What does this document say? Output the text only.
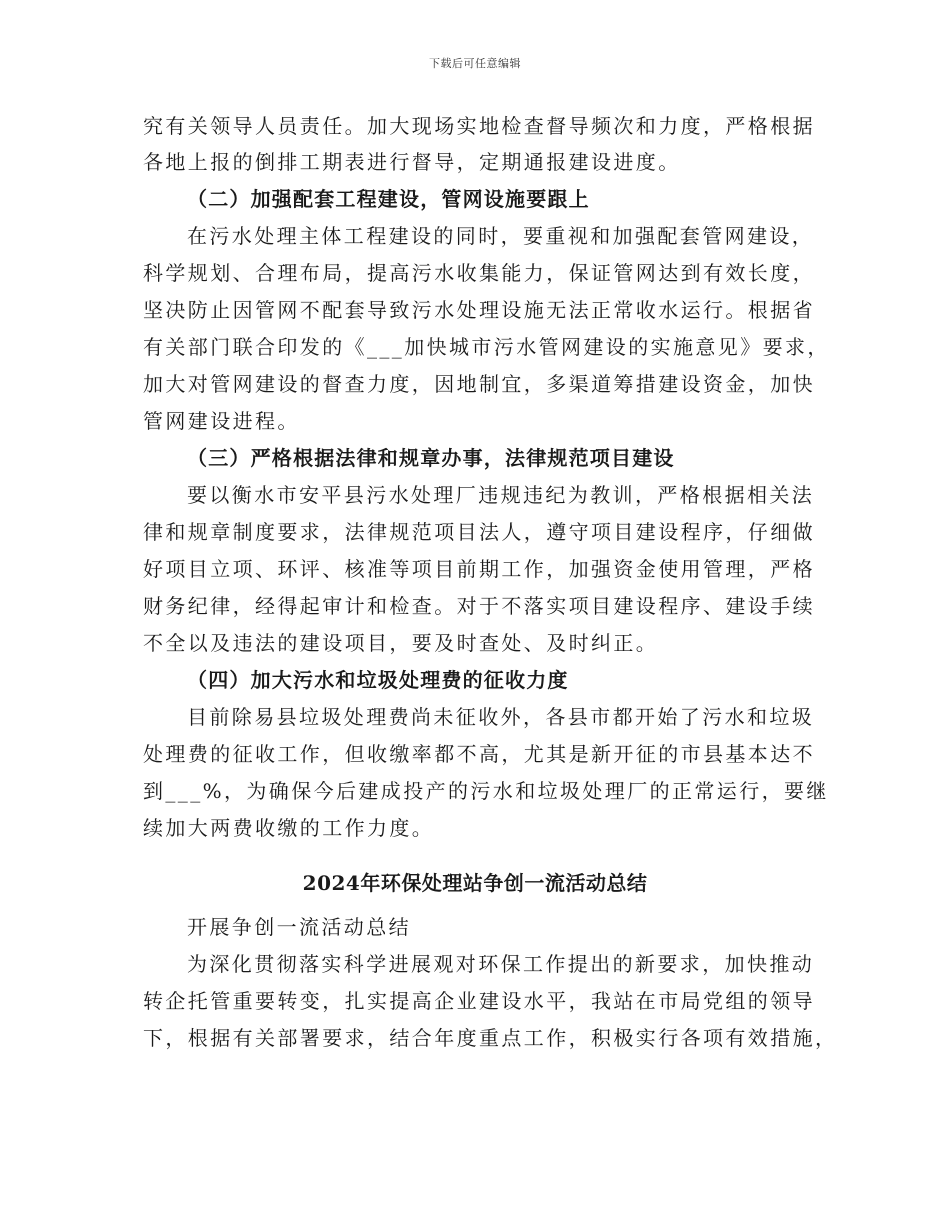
下载后可任意编辑
究有关领导人员责任。加大现场实地检查督导频次和力度，严格根据
各地上报的倒排工期表进行督导，定期通报建设进度。
（二）加强配套工程建设，管网设施要跟上
在污水处理主体工程建设的同时，要重视和加强配套管网建设，
科学规划、合理布局，提高污水收集能力，保证管网达到有效长度，
坚决防止因管网不配套导致污水处理设施无法正常收水运行。根据省
有关部门联合印发的《___加快城市污水管网建设的实施意见》要求，
加大对管网建设的督查力度，因地制宜，多渠道筹措建设资金，加快
管网建设进程。
（三）严格根据法律和规章办事，法律规范项目建设
要以衡水市安平县污水处理厂违规违纪为教训，严格根据相关法
律和规章制度要求，法律规范项目法人，遵守项目建设程序，仔细做
好项目立项、环评、核准等项目前期工作，加强资金使用管理，严格
财务纪律，经得起审计和检查。对于不落实项目建设程序、建设手续
不全以及违法的建设项目，要及时查处、及时纠正。
（四）加大污水和垃圾处理费的征收力度
目前除易县垃圾处理费尚未征收外，各县市都开始了污水和垃圾
处理费的征收工作，但收缴率都不高，尤其是新开征的市县基本达不
到___%，为确保今后建成投产的污水和垃圾处理厂的正常运行，要继
续加大两费收缴的工作力度。
2024年环保处理站争创一流活动总结
开展争创一流活动总结
为深化贯彻落实科学进展观对环保工作提出的新要求，加快推动
转企托管重要转变，扎实提高企业建设水平，我站在市局党组的领导
下，根据有关部署要求，结合年度重点工作，积极实行各项有效措施，
